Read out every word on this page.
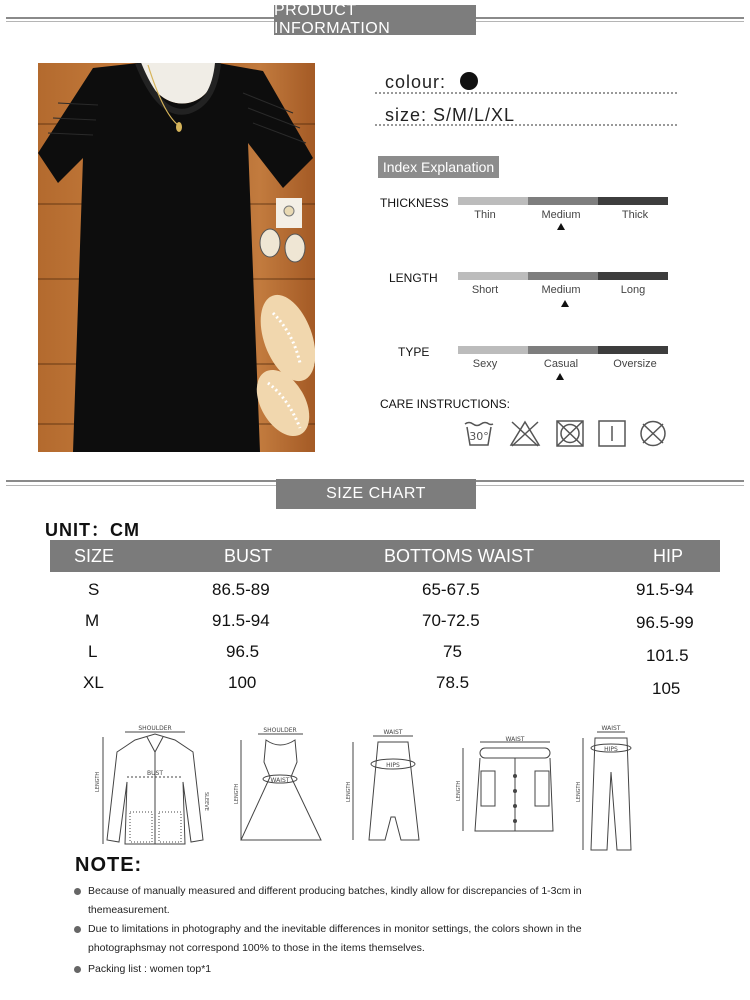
PRODUCT INFORMATION
colour:
size: S/M/L/XL
Index Explanation
THICKNESS
Thin	Medium	Thick
LENGTH
Short	Medium	Long
TYPE
Sexy	Casual	Oversize
CARE INSTRUCTIONS:
30°
SIZE CHART
UNIT：CM
SIZE	BUST	BOTTOMS WAIST	HIP
S	86.5-89	65-67.5	91.5-94
M	91.5-94	70-72.5	96.5-99
L	96.5	75	101.5
XL	100	78.5	105
SHOULDER
BUST
LENGTH
SLEEVE
SHOULDER
WAIST
LENGTH
WAIST
HIPS
LENGTH
WAIST
LENGTH
WAIST
HIPS
LENGTH
NOTE:
Because of manually measured and different producing batches, kindly allow for discrepancies of 1-3cm in themeasurement.
Due to limitations in photography and the inevitable differences in monitor settings, the colors shown in the photographsmay not correspond 100% to those in the items themselves.
Packing list : women top*1
